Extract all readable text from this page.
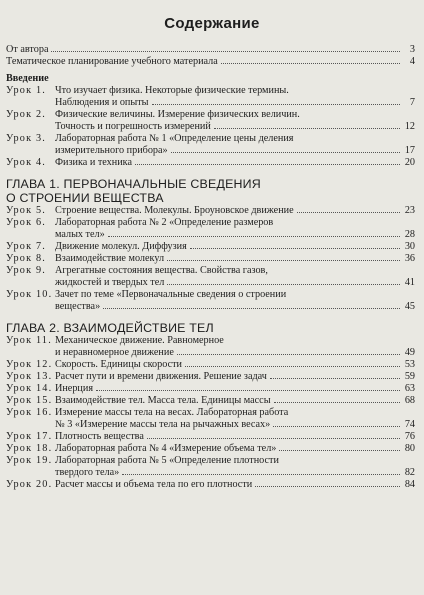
Содержание
От автора	3
Тематическое планирование учебного материала	4
Введение
Урок 1. Что изучает физика. Некоторые физические термины.
Наблюдения и опыты	7
Урок 2. Физические величины. Измерение физических величин.
Точность и погрешность измерений	12
Урок 3. Лабораторная работа № 1 «Определение цены деления
измерительного прибора»	17
Урок 4. Физика и техника	20
ГЛАВА 1. ПЕРВОНАЧАЛЬНЫЕ СВЕДЕНИЯ
О СТРОЕНИИ ВЕЩЕСТВА
Урок 5. Строение вещества. Молекулы. Броуновское движение	23
Урок 6. Лабораторная работа № 2 «Определение размеров
малых тел»	28
Урок 7. Движение молекул. Диффузия	30
Урок 8. Взаимодействие молекул	36
Урок 9. Агрегатные состояния вещества. Свойства газов,
жидкостей и твердых тел	41
Урок 10. Зачет по теме «Первоначальные сведения о строении
вещества»	45
ГЛАВА 2. ВЗАИМОДЕЙСТВИЕ ТЕЛ
Урок 11. Механическое движение. Равномерное
и неравномерное движение	49
Урок 12. Скорость. Единицы скорости	53
Урок 13. Расчет пути и времени движения. Решение задач	59
Урок 14. Инерция	63
Урок 15. Взаимодействие тел. Масса тела. Единицы массы	68
Урок 16. Измерение массы тела на весах. Лабораторная работа
№ 3 «Измерение массы тела на рычажных весах»	74
Урок 17. Плотность вещества	76
Урок 18. Лабораторная работа № 4 «Измерение объема тел»	80
Урок 19. Лабораторная работа № 5 «Определение плотности
твердого тела»	82
Урок 20. Расчет массы и объема тела по его плотности	84
